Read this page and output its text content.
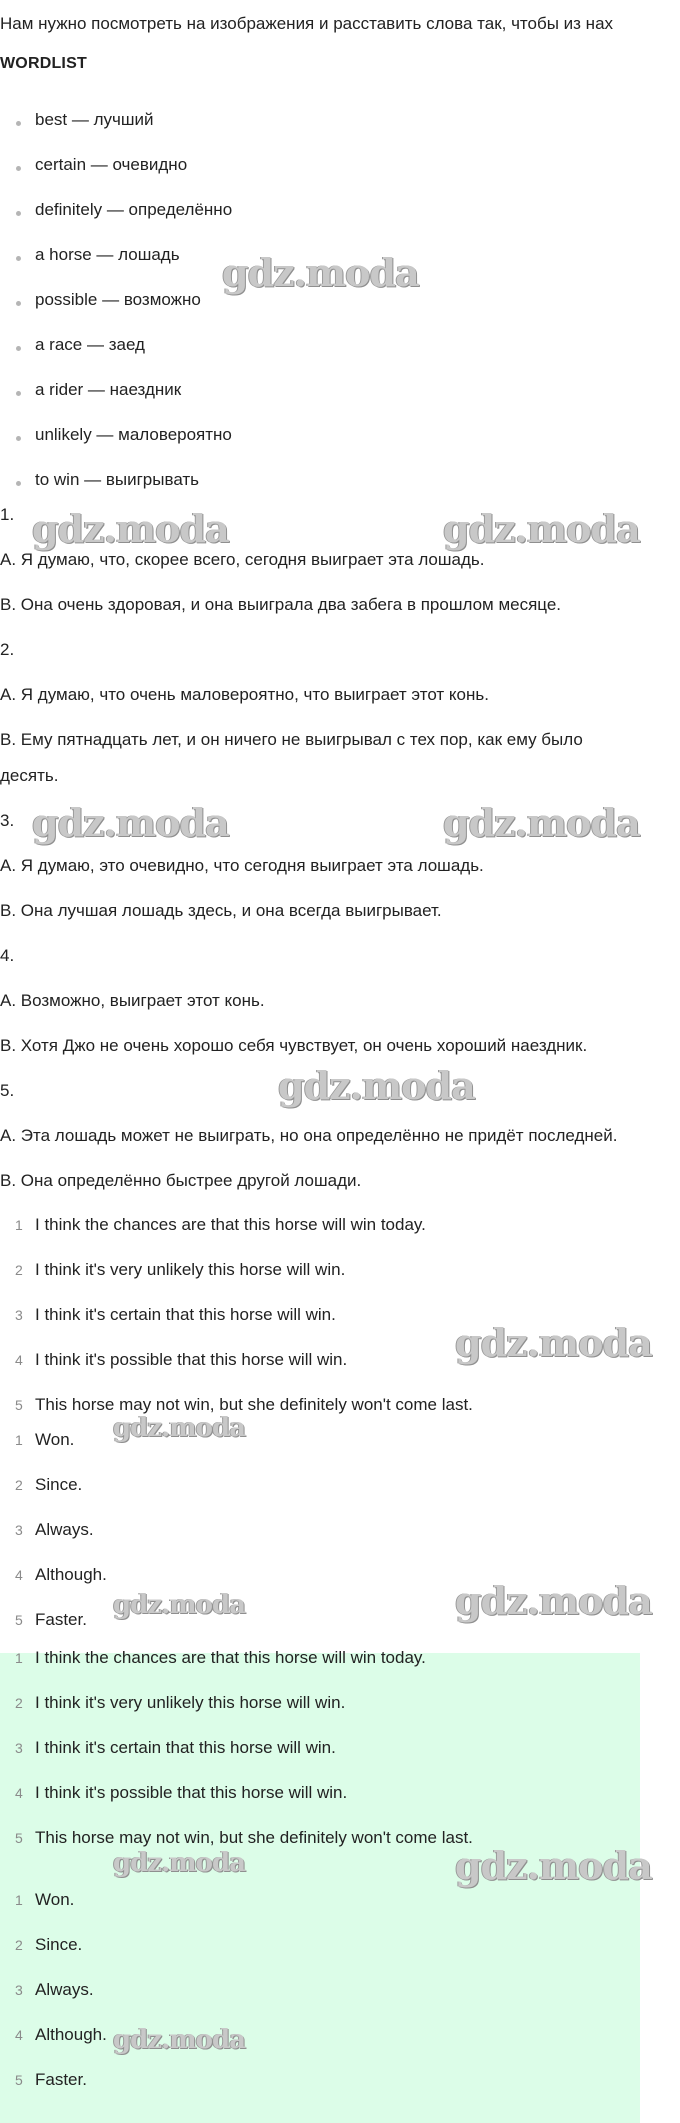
Нам нужно посмотреть на изображения и расставить слова так, чтобы из нах
WORDLIST
best — лучший
certain — очевидно
definitely — определённо
a horse — лошадь
possible — возможно
a race — заед
a rider — наездник
unlikely — маловероятно
to win — выигрывать
1.
A. Я думаю, что, скорее всего, сегодня выиграет эта лошадь.
B. Она очень здоровая, и она выиграла два забега в прошлом месяце.
2.
A. Я думаю, что очень маловероятно, что выиграет этот конь.
B. Ему пятнадцать лет, и он ничего не выигрывал с тех пор, как ему было
десять.
3.
A. Я думаю, это очевидно, что сегодня выиграет эта лошадь.
B. Она лучшая лошадь здесь, и она всегда выигрывает.
4.
A. Возможно, выиграет этот конь.
B. Хотя Джо не очень хорошо себя чувствует, он очень хороший наездник.
5.
A. Эта лошадь может не выиграть, но она определённо не придёт последней.
B. Она определённо быстрее другой лошади.
1 I think the chances are that this horse will win today.
2 I think it's very unlikely this horse will win.
3 I think it's certain that this horse will win.
4 I think it's possible that this horse will win.
5 This horse may not win, but she definitely won't come last.
1 Won.
2 Since.
3 Always.
4 Although.
5 Faster.
1 I think the chances are that this horse will win today.
2 I think it's very unlikely this horse will win.
3 I think it's certain that this horse will win.
4 I think it's possible that this horse will win.
5 This horse may not win, but she definitely won't come last.
1 Won.
2 Since.
3 Always.
4 Although.
5 Faster.
gdz.moda
gdz.moda	gdz.moda
gdz.moda	gdz.moda
gdz.moda
gdz.moda
gdz.moda
gdz.moda
gdz.moda
gdz.moda	gdz.moda
gdz.moda
